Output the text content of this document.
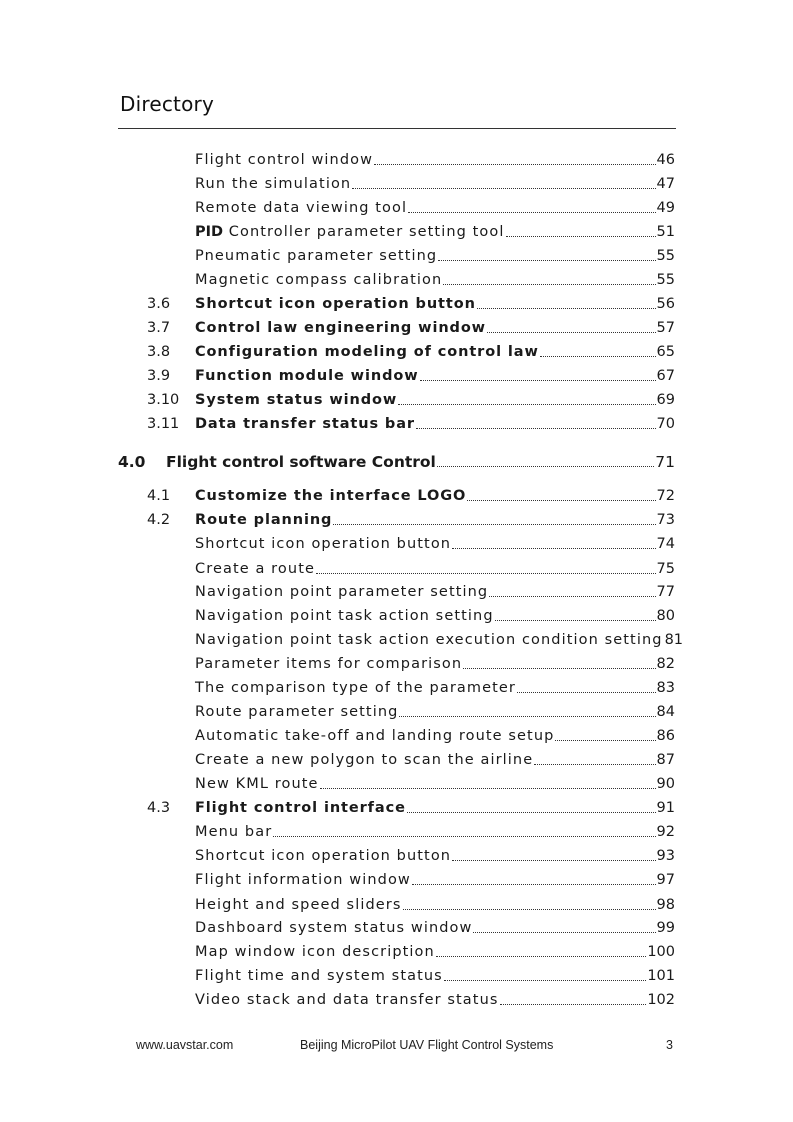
Directory
Flight control window	46
Run the simulation	47
Remote data viewing tool	49
PID Controller parameter setting tool	51
Pneumatic parameter setting	55
Magnetic compass calibration	55
3.6 Shortcut icon operation button	56
3.7 Control law engineering window	57
3.8 Configuration modeling of control law	65
3.9 Function module window	67
3.10 System status window	69
3.11 Data transfer status bar	70
4.0 Flight control software Control	71
4.1 Customize the interface LOGO	72
4.2 Route planning	73
Shortcut icon operation button	74
Create a route	75
Navigation point parameter setting	77
Navigation point task action setting	80
Navigation point task action execution condition setting 81
Parameter items for comparison	82
The comparison type of the parameter	83
Route parameter setting	84
Automatic take-off and landing route setup	86
Create a new polygon to scan the airline	87
New KML route	90
4.3 Flight control interface	91
Menu bar	92
Shortcut icon operation button	93
Flight information window	97
Height and speed sliders	98
Dashboard system status window	99
Map window icon description	100
Flight time and system status	101
Video stack and data transfer status	102
www.uavstar.com	Beijing MicroPilot UAV Flight Control Systems	3
